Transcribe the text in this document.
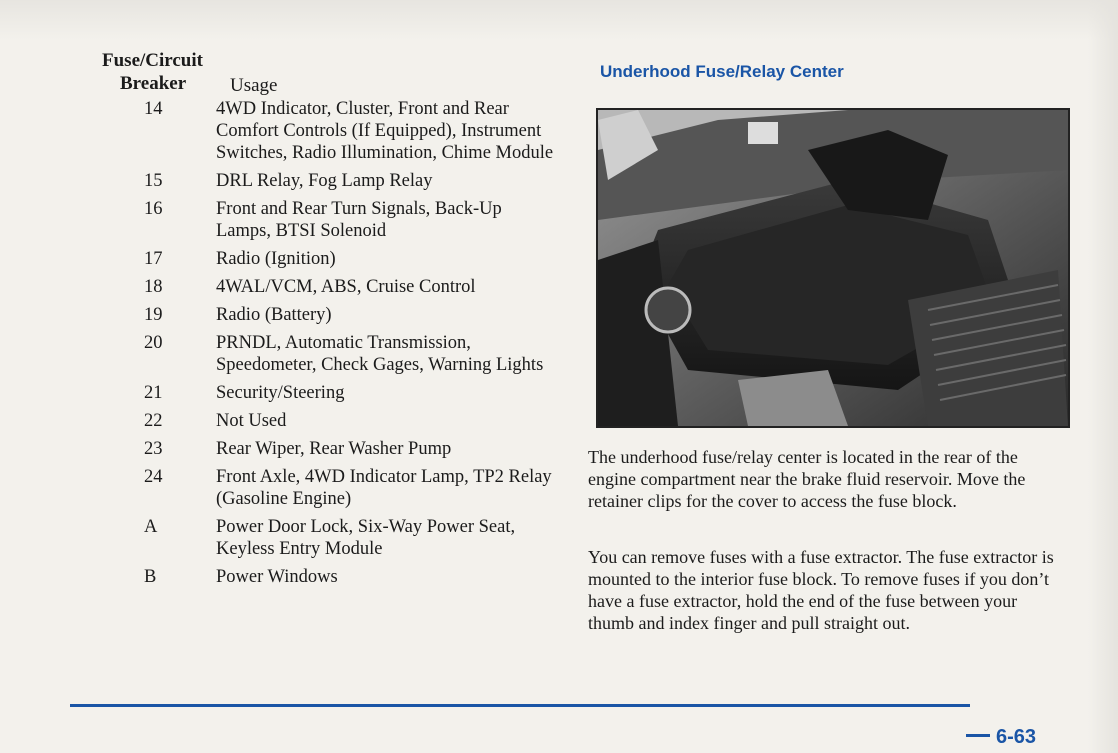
Fuse/Circuit
Breaker Usage
14	4WD Indicator, Cluster, Front and Rear Comfort Controls (If Equipped), Instrument Switches, Radio Illumination, Chime Module
15	DRL Relay, Fog Lamp Relay
16	Front and Rear Turn Signals, Back-Up Lamps, BTSI Solenoid
17	Radio (Ignition)
18	4WAL/VCM, ABS, Cruise Control
19	Radio (Battery)
20	PRNDL, Automatic Transmission, Speedometer, Check Gages, Warning Lights
21	Security/Steering
22	Not Used
23	Rear Wiper, Rear Washer Pump
24	Front Axle, 4WD Indicator Lamp, TP2 Relay (Gasoline Engine)
A	Power Door Lock, Six-Way Power Seat, Keyless Entry Module
B	Power Windows
Underhood Fuse/Relay Center

The underhood fuse/relay center is located in the rear of the engine compartment near the brake fluid reservoir. Move the retainer clips for the cover to access the fuse block.

You can remove fuses with a fuse extractor. The fuse extractor is mounted to the interior fuse block. To remove fuses if you don’t have a fuse extractor, hold the end of the fuse between your thumb and index finger and pull straight out.

6-63
